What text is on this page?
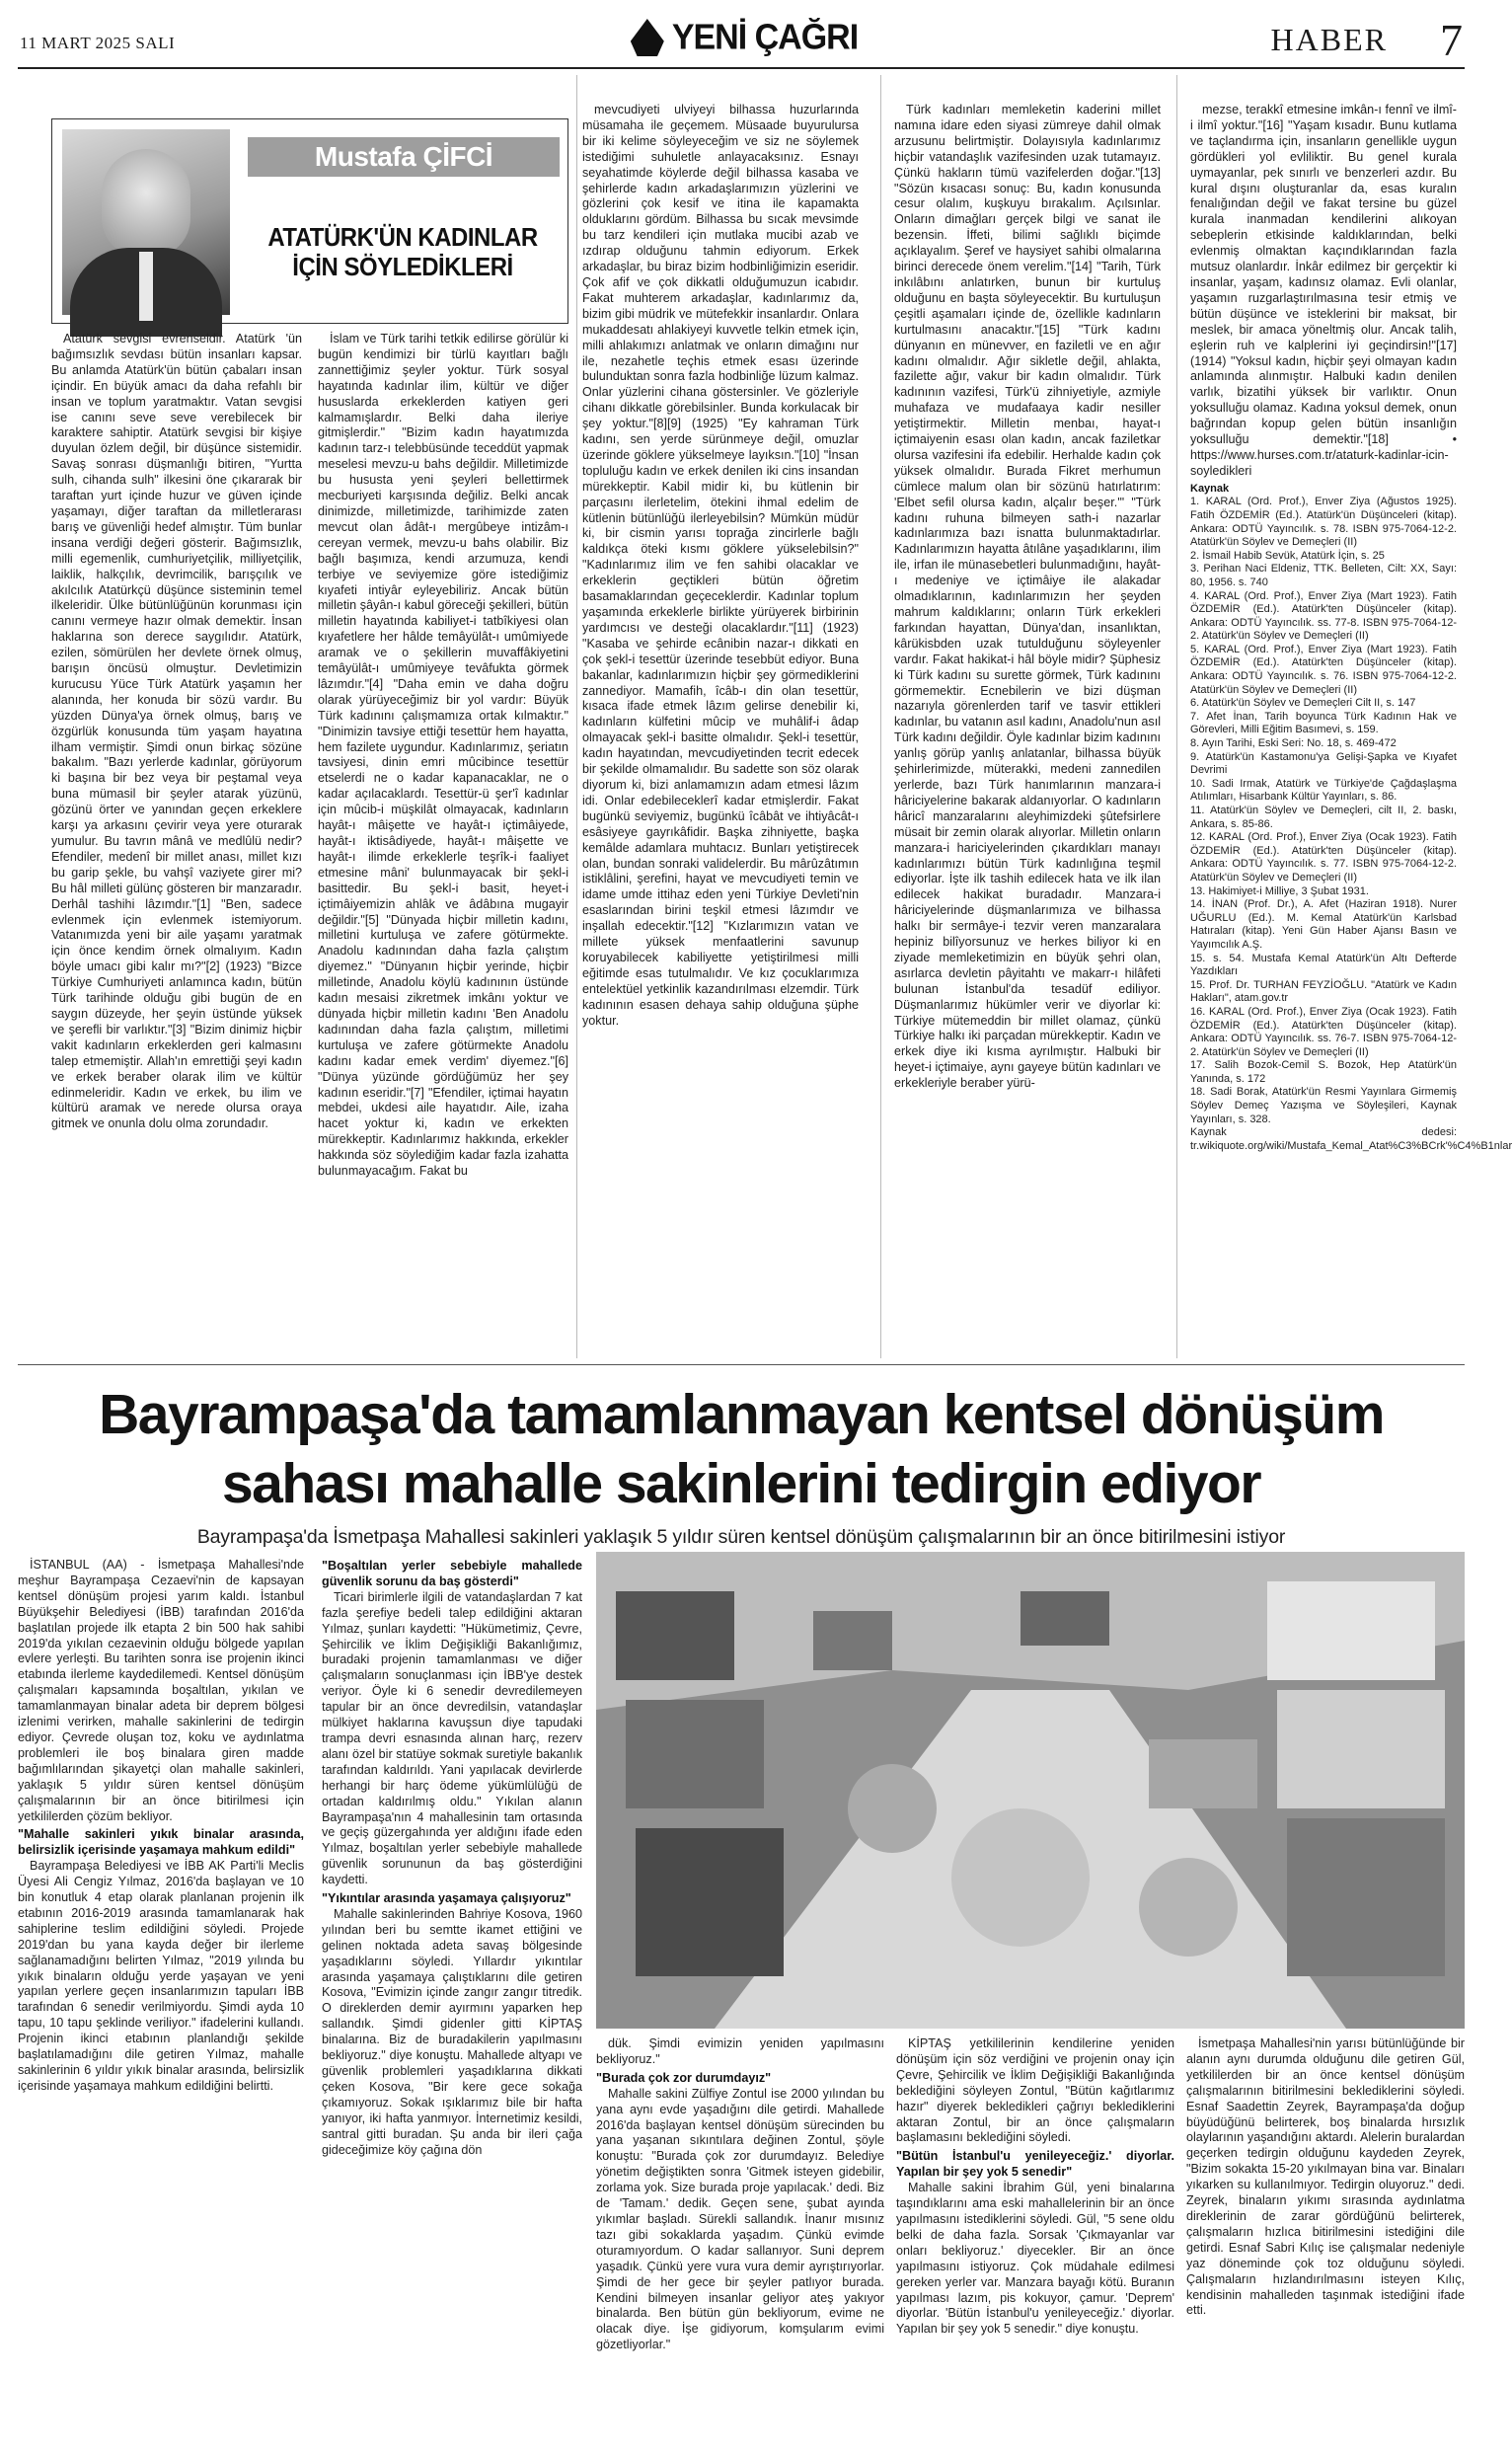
11 MART 2025 SALI	YENİ ÇAĞRI	HABER 7
Mustafa ÇİFCİ
ATATÜRK'ÜN KADINLAR İÇİN SÖYLEDİKLERİ

Atatürk sevgisi evrenseldir. Atatürk 'ün bağımsızlık sevdası bütün insanları kapsar. Bu anlamda Atatürk'ün bütün çabaları insan içindir. En büyük amacı da daha refahlı bir insan ve toplum yaratmaktır. Vatan sevgisi ise canını seve seve verebilecek bir karaktere sahiptir. Atatürk sevgisi bir kişiye duyulan özlem değil, bir düşünce sistemidir. Savaş sonrası düşmanlığı bitiren, "Yurtta sulh, cihanda sulh" ilkesini öne çıkararak bir taraftan yurt içinde huzur ve güven içinde yaşamayı, diğer taraftan da milletlerarası barış ve güvenliği hedef almıştır. Tüm bunlar insana verdiği değeri gösterir. Bağımsızlık, milli egemenlik, cumhuriyetçilik, milliyetçilik, laiklik, halkçılık, devrimcilik, barışçılık ve akılcılık Atatürkçü düşünce sisteminin temel ilkeleridir. Ülke bütünlüğünün korunması için canını vermeye hazır olmak demektir. İnsan haklarına son derece saygılıdır. Atatürk, ezilen, sömürülen her devlete örnek olmuş, barışın öncüsü olmuştur. Devletimizin kurucusu Yüce Türk Atatürk yaşamın her alanında, her konuda bir sözü vardır. Bu yüzden Dünya'ya örnek olmuş, barış ve özgürlük konusunda tüm yaşam hayatına ilham vermiştir. Şimdi onun birkaç sözüne bakalım. "Bazı yerlerde kadınlar, görüyorum ki başına bir bez veya bir peştamal veya buna mümasil bir şeyler atarak yüzünü, gözünü örter ve yanından geçen erkeklere karşı ya arkasını çevirir veya yere oturarak yumulur. Bu tavrın mânâ ve medlûlü nedir? Efendiler, medenî bir millet anası, millet kızı bu garip şekle, bu vahşî vaziyete girer mi? Bu hâl milleti gülünç gösteren bir manzaradır. Derhâl tashihi lâzımdır."[1] "Ben, sadece evlenmek için evlenmek istemiyorum. Vatanımızda yeni bir aile yaşamı yaratmak için önce kendim örnek olmalıyım. Kadın böyle umacı gibi kalır mı?"[2] (1923) "Bizce Türkiye Cumhuriyeti anlamınca kadın, bütün Türk tarihinde olduğu gibi bugün de en saygın düzeyde, her şeyin üstünde yüksek ve şerefli bir varlıktır."[3] "Bizim dinimiz hiçbir vakit kadınların erkeklerden geri kalmasını talep etmemiştir. Allah'ın emrettiği şeyi kadın ve erkek beraber olarak ilim ve kültür edinmeleridir. Kadın ve erkek, bu ilim ve kültürü aramak ve nerede olursa oraya gitmek ve onunla dolu olma zorundadır.

İslam ve Türk tarihi tetkik edilirse görülür ki bugün kendimizi bir türlü kayıtları bağlı zannettiğimiz şeyler yoktur. Türk sosyal hayatında kadınlar ilim, kültür ve diğer hususlarda erkeklerden katiyen geri kalmamışlardır. Belki daha ileriye gitmişlerdir." "Bizim kadın hayatımızda kadının tarz-ı telebbüsünde teceddüt yapmak meselesi mevzu-u bahs değildir. Milletimizde bu hususta yeni şeyleri bellettirmek mecburiyeti karşısında değiliz. Belki ancak dinimizde, milletimizde, tarihimizde zaten mevcut olan âdât-ı mergûbeye intizâm-ı cereyan vermek, mevzu-u bahs olabilir. Biz bağlı başımıza, kendi arzumuza, kendi terbiye ve seviyemize göre istediğimiz kıyafeti intiyâr eyleyebiliriz. Ancak bütün milletin şâyân-ı kabul göreceği şekilleri, bütün milletin hayatında kabiliyet-i tatbîkiyesi olan kıyafetlere her hâlde temâyülât-ı umûmiyede aramak ve o şekillerin muvaffâkiyetini temâyülât-ı umûmiyeye tevâfukta görmek lâzımdır."[4] "Daha emin ve daha doğru olarak yürüyeceğimiz bir yol vardır: Büyük Türk kadınını çalışmamıza ortak kılmaktır." "Dinimizin tavsiye ettiği tesettür hem hayatta, hem fazilete uygundur. Kadınlarımız, şeriatın tavsiyesi, dinin emri mûcibince tesettür etselerdi ne o kadar kapanacaklar, ne o kadar açılacaklardı. Tesettür-ü şer'î kadınlar için mûcib-i müşkilât olmayacak, kadınların hayât-ı mâişette ve hayât-ı içtimâiyede, hayât-ı iktisâdiyede, hayât-ı mâişette ve hayât-ı ilimde erkeklerle teşrîk-i faaliyet etmesine mâni' bulunmayacak bir şekl-i basittedir. Bu şekl-i basit, heyet-i içtimâiyemizin ahlâk ve âdâbına mugayir değildir."[5] "Dünyada hiçbir milletin kadını, milletini kurtuluşa ve zafere götürmekte. Anadolu kadınından daha fazla çalıştım diyemez." "Dünyanın hiçbir yerinde, hiçbir milletinde, Anadolu köylü kadınının üstünde kadın mesaisi zikretmek imkânı yoktur ve dünyada hiçbir milletin kadını 'Ben Anadolu kadınından daha fazla çalıştım, milletimi kurtuluşa ve zafere götürmekte Anadolu kadını kadar emek verdim' diyemez."[6] "Dünya yüzünde gördüğümüz her şey kadının eseridir."[7] "Efendiler, içtimai hayatın mebdei, ukdesi aile hayatıdır. Aile, izaha hacet yoktur ki, kadın ve erkekten mürekkeptir. Kadınlarımız hakkında, erkekler hakkında söz söylediğim kadar fazla izahatta bulunmayacağım. Fakat bu

mevcudiyeti ulviyeyi bilhassa huzurlarında müsamaha ile geçemem. Müsaade buyurulursa bir iki kelime söyleyeceğim ve siz ne söylemek istediğimi suhuletle anlayacaksınız. Esnayı seyahatimde köylerde değil bilhassa kasaba ve şehirlerde kadın arkadaşlarımızın yüzlerini ve gözlerini çok kesif ve itina ile kapamakta olduklarını gördüm. Bilhassa bu sıcak mevsimde bu tarz kendileri için mutlaka mucibi azab ve ızdırap olduğunu tahmin ediyorum. Erkek arkadaşlar, bu biraz bizim hodbinliğimizin eseridir. Çok afif ve çok dikkatli olduğumuzun icabıdır. Fakat muhterem arkadaşlar, kadınlarımız da, bizim gibi müdrik ve mütefekkir insanlardır. Onlara mukaddesatı ahlakiyeyi kuvvetle telkin etmek için, milli ahlakımızı anlatmak ve onların dimağını nur ile, nezahetle teçhis etmek esası üzerinde bulunduktan sonra fazla hodbinliğe lüzum kalmaz. Onlar yüzlerini cihana göstersinler. Ve gözleriyle cihanı dikkatle görebilsinler. Bunda korkulacak bir şey yoktur."[8][9] (1925) "Ey kahraman Türk kadını, sen yerde sürünmeye değil, omuzlar üzerinde göklere yükselmeye layıksın."[10] "İnsan topluluğu kadın ve erkek denilen iki cins insandan mürekkeptir. Kabil midir ki, bu kütlenin bir parçasını ilerletelim, ötekini ihmal edelim de kütlenin bütünlüğü ilerleyebilsin? Mümkün müdür ki, bir cismin yarısı toprağa zincirlerle bağlı kaldıkça öteki kısmı göklere yükselebilsin?" "Kadınlarımız ilim ve fen sahibi olacaklar ve erkeklerin geçtikleri bütün öğretim basamaklarından geçeceklerdir. Kadınlar toplum yaşamında erkeklerle birlikte yürüyerek birbirinin yardımcısı ve desteği olacaklardır."[11] (1923) "Kasaba ve şehirde ecânibin nazar-ı dikkati en çok şekl-i tesettür üzerinde tesebbüt ediyor. Buna bakanlar, kadınlarımızın hiçbir şey görmediklerini zannediyor. Mamafih, îcâb-ı din olan tesettür, kısaca ifade etmek lâzım gelirse denebilir ki, kadınların külfetini mûcip ve muhâlif-i âdap olmayacak şekl-i basitte olmalıdır. Şekl-i tesettür, kadın hayatından, mevcudiyetinden tecrit edecek bir şekilde olmamalıdır. Bu sadette son söz olarak diyorum ki, bizi anlamamızın adam etmesi lâzım idi. Onlar edebileceklerî kadar etmişlerdir. Fakat bugünkü seviyemiz, bugünkü îcâbât ve ihtiyâcât-ı esâsiyeye gayrıkâfidir. Başka zihniyette, başka kemâlde adamlara muhtacız. Bunları yetiştirecek olan, bundan sonraki validelerdir. Bu mârûzâtımın istiklâlini, şerefini, hayat ve mevcudiyeti temin ve idame umde ittihaz eden yeni Türkiye Devleti'nin esaslarından birini teşkil etmesi lâzımdır ve inşallah edecektir."[12] "Kızlarımızın vatan ve millete yüksek menfaatlerini savunup koruyabilecek kabiliyette yetiştirilmesi milli eğitimde esas tutulmalıdır. Ve kız çocuklarımıza entelektüel yetkinlik kazandırılması elzemdir. Türk kadınının esasen dehaya sahip olduğuna şüphe yoktur.

Türk kadınları memleketin kaderini millet namına idare eden siyasi zümreye dahil olmak arzusunu belirtmiştir. Dolayısıyla kadınlarımız hiçbir vatandaşlık vazifesinden uzak tutamayız. Çünkü hakların tümü vazifelerden doğar."[13] "Sözün kısacası sonuç: Bu, kadın konusunda cesur olalım, kuşkuyu bırakalım. Açılsınlar. Onların dimağları gerçek bilgi ve sanat ile bezensin. İffeti, bilimi sağlıklı biçimde açıklayalım. Şeref ve haysiyet sahibi olmalarına birinci derecede önem verelim."[14] "Tarih, Türk inkılâbını anlatırken, bunun bir kurtuluş olduğunu en başta söyleyecektir. Bu kurtuluşun çeşitli aşamaları içinde de, özellikle kadınların kurtulmasını anacaktır."[15] "Türk kadını dünyanın en münevver, en faziletli ve en ağır kadını olmalıdır. Ağır sikletle değil, ahlakta, fazilette ağır, vakur bir kadın olmalıdır. Türk kadınının vazifesi, Türk'ü zihniyetiyle, azmiyle muhafaza ve mudafaaya kadir nesiller yetiştirmektir. Milletin menbaı, hayat-ı içtimaiyenin esası olan kadın, ancak faziletkar olursa vazifesini ifa edebilir. Herhalde kadın çok yüksek olmalıdır. Burada Fikret merhumun cümlece malum olan bir sözünü hatırlatırım: 'Elbet sefil olursa kadın, alçalır beşer.'" "Türk kadını ruhuna bilmeyen sath-i nazarlar kadınlarımıza bazı isnatta bulunmaktadırlar. Kadınlarımızın hayatta âtılâne yaşadıklarını, ilim ile, irfan ile münasebetleri bulunmadığını, hayât-ı medeniye ve içtimâiye ile alakadar olmadıklarının, kadınlarımızın her şeyden mahrum kaldıklarını; onların Türk erkekleri farkından hayattan, Dünya'dan, insanlıktan, kârükisbden uzak tutulduğunu söyleyenler vardır. Fakat hakikat-i hâl böyle midir? Şüphesiz ki Türk kadını su surette görmek, Türk kadınını görmemektir. Ecnebilerin ve bizi düşman nazarıyla görenlerden tarif ve tasvir ettikleri kadınlar, bu vatanın asıl kadını, Anadolu'nun asıl Türk kadını değildir. Öyle kadınlar bizim kadınını yanlış görüp yanlış anlatanlar, bilhassa büyük şehirlerimizde, müterakki, medeni zannedilen yerlerde, bazı Türk hanımlarının manzara-i hâriciyelerine bakarak aldanıyorlar. O kadınların hâricî manzaralarını aleyhimizdeki şûtefsirlere müsait bir zemin olarak alıyorlar. Milletin onların manzara-i hariciyelerinden çıkardıkları manayı kadınlarımızı bütün Türk kadınlığına teşmil ediyorlar. İşte ilk tashih edilecek hata ve ilk ilan edilecek hakikat buradadır. Manzara-i hâriciyelerinde düşmanlarımıza ve bilhassa halkı bir sermâye-i tezvir veren manzaralara hepiniz bilîyorsunuz ve herkes biliyor ki en ziyade memleketimizin en büyük şehri olan, asırlarca devletin pâyitahtı ve makarr-ı hilâfeti bulunan İstanbul'da tesadüf ediliyor. Düşmanlarımız hükümler verir ve diyorlar ki: Türkiye mütemeddin bir millet olamaz, çünkü Türkiye halkı iki parçadan mürekkeptir. Kadın ve erkek diye iki kısma ayrılmıştır. Halbuki bir heyet-i içtimaiye, aynı gayeye bütün kadınları ve erkekleriyle beraber yürü-

mezse, terakkî etmesine imkân-ı fennî ve ilmî-i ilmî yoktur."[16] "Yaşam kısadır. Bunu kutlama ve taçlandırma için, insanların genellikle uygun gördükleri yol evliliktir. Bu genel kurala uymayanlar, pek sınırlı ve benzerleri azdır. Bu kural dışını oluşturanlar da, esas kuralın fenalığından değil ve fakat tersine bu güzel kurala inanmadan kendilerini alıkoyan sebeplerin etkisinde kaldıklarından, belki evlenmiş olmaktan kaçındıklarından fazla mutsuz olanlardır. İnkâr edilmez bir gerçektir ki insanlar, yaşam, kadınsız olamaz. Evli olanlar, yaşamın ruzgarlaştırılmasına tesir etmiş ve bütün düşünce ve isteklerini bir maksat, bir meslek, bir amaca yöneltmiş olur. Ancak talih, eşlerin ruh ve kalplerini iyi geçindirsin!"[17] (1914) "Yoksul kadın, hiçbir şeyi olmayan kadın anlamında alınmıştır. Halbuki kadın denilen varlık, bizatihi yüksek bir varlıktır. Onun yoksulluğu olamaz. Kadına yoksul demek, onun bağrından kopup gelen bütün insanlığın yoksulluğu demektir."[18] • https://www.hurses.com.tr/ataturk-kadinlar-icin-soyledikleri

Kaynak

1. KARAL (Ord. Prof.), Enver Ziya (Ağustos 1925). Fatih ÖZDEMİR (Ed.). Atatürk'ün Düşünceleri (kitap). Ankara: ODTÜ Yayıncılık. s. 78. ISBN 975-7064-12-2. Atatürk'ün Söylev ve Demeçleri (II)

2. İsmail Habib Sevük, Atatürk İçin, s. 25

3. Perihan Naci Eldeniz, TTK. Belleten, Cilt: XX, Sayı: 80, 1956. s. 740

4. KARAL (Ord. Prof.), Enver Ziya (Mart 1923). Fatih ÖZDEMİR (Ed.). Atatürk'ten Düşünceler (kitap). Ankara: ODTÜ Yayıncılık. ss. 77-8. ISBN 975-7064-12-2. Atatürk'ün Söylev ve Demeçleri (II)

5. KARAL (Ord. Prof.), Enver Ziya (Mart 1923). Fatih ÖZDEMİR (Ed.). Atatürk'ten Düşünceler (kitap). Ankara: ODTÜ Yayıncılık. s. 76. ISBN 975-7064-12-2. Atatürk'ün Söylev ve Demeçleri (II)

6. Atatürk'ün Söylev ve Demeçleri Cilt II, s. 147

7. Afet İnan, Tarih boyunca Türk Kadının Hak ve Görevleri, Milli Eğitim Basımevi, s. 159.

8. Ayın Tarihi, Eski Seri: No. 18, s. 469-472

9. Atatürk'ün Kastamonu'ya Gelişi-Şapka ve Kıyafet Devrimi

10. Sadi Irmak, Atatürk ve Türkiye'de Çağdaşlaşma Atılımları, Hisarbank Kültür Yayınları, s. 86.

11. Atatürk'ün Söylev ve Demeçleri, cilt II, 2. baskı, Ankara, s. 85-86.

12. KARAL (Ord. Prof.), Enver Ziya (Ocak 1923). Fatih ÖZDEMİR (Ed.). Atatürk'ten Düşünceler (kitap). Ankara: ODTÜ Yayıncılık. s. 77. ISBN 975-7064-12-2. Atatürk'ün Söylev ve Demeçleri (II)

13. Hakimiyet-i Milliye, 3 Şubat 1931.

14. İNAN (Prof. Dr.), A. Afet (Haziran 1918). Nurer UĞURLU (Ed.). M. Kemal Atatürk'ün Karlsbad Hatıraları (kitap). Yeni Gün Haber Ajansı Basın ve Yayımcılık A.Ş.

15. s. 54. Mustafa Kemal Atatürk'ün Altı Defterde Yazdıkları

15. Prof. Dr. TURHAN FEYZİOĞLU. "Atatürk ve Kadın Hakları", atam.gov.tr

16. KARAL (Ord. Prof.), Enver Ziya (Ocak 1923). Fatih ÖZDEMİR (Ed.). Atatürk'ten Düşünceler (kitap). Ankara: ODTÜ Yayıncılık. ss. 76-7. ISBN 975-7064-12-2. Atatürk'ün Söylev ve Demeçleri (II)

17. Salih Bozok-Cemil S. Bozok, Hep Atatürk'ün Yanında, s. 172

18. Sadi Borak, Atatürk'ün Resmi Yayınlara Girmemiş Söylev Demeç Yazışma ve Söyleşileri, Kaynak Yayınları, s. 328.

Kaynak dedesi: tr.wikiquote.org/wiki/Mustafa_Kemal_Atat%C3%BCrk'%C4%B1nlar

Bayrampaşa'da tamamlanmayan kentsel dönüşüm
sahası mahalle sakinlerini tedirgin ediyor
Bayrampaşa'da İsmetpaşa Mahallesi sakinleri yaklaşık 5 yıldır süren kentsel dönüşüm çalışmalarının bir an önce bitirilmesini istiyor

İSTANBUL (AA) - İsmetpaşa Mahallesi'nde meşhur Bayrampaşa Cezaevi'nin de kapsayan kentsel dönüşüm projesi yarım kaldı. İstanbul Büyükşehir Belediyesi (İBB) tarafından 2016'da başlatılan projede ilk etapta 2 bin 500 hak sahibi 2019'da yıkılan cezaevinin olduğu bölgede yapılan evlere yerleşti. Bu tarihten sonra ise projenin ikinci etabında ilerleme kaydedilemedi. Kentsel dönüşüm çalışmaları kapsamında boşaltılan, yıkılan ve tamamlanmayan binalar adeta bir deprem bölgesi izlenimi verirken, mahalle sakinlerini de tedirgin ediyor. Çevrede oluşan toz, koku ve aydınlatma problemleri ile boş binalara giren madde bağımlılarından şikayetçi olan mahalle sakinleri, yaklaşık 5 yıldır süren kentsel dönüşüm çalışmalarının bir an önce bitirilmesi için yetkililerden çözüm bekliyor.

"Mahalle sakinleri yıkık binalar arasında, belirsizlik içerisinde yaşamaya mahkum edildi"

Bayrampaşa Belediyesi ve İBB AK Parti'li Meclis Üyesi Ali Cengiz Yılmaz, 2016'da başlayan ve 10 bin konutluk 4 etap olarak planlanan projenin ilk etabının 2016-2019 arasında tamamlanarak hak sahiplerine teslim edildiğini söyledi. Projede 2019'dan bu yana kayda değer bir ilerleme sağlanamadığını belirten Yılmaz, "2019 yılında bu yıkık binaların olduğu yerde yaşayan ve yeni yapılan yerlere geçen insanlarımızın tapuları İBB tarafından 6 senedir verilmiyordu. Şimdi ayda 10 tapu, 10 tapu şeklinde veriliyor." ifadelerini kullandı. Projenin ikinci etabının planlandığı şekilde başlatılamadığını dile getiren Yılmaz, mahalle sakinlerinin 6 yıldır yıkık binalar arasında, belirsizlik içerisinde yaşamaya mahkum edildiğini belirtti.

"Boşaltılan yerler sebebiyle mahallede güvenlik sorunu da baş gösterdi"

Ticari birimlerle ilgili de vatandaşlardan 7 kat fazla şerefiye bedeli talep edildiğini aktaran Yılmaz, şunları kaydetti: "Hükümetimiz, Çevre, Şehircilik ve İklim Değişikliği Bakanlığımız, buradaki projenin tamamlanması ve diğer çalışmaların sonuçlanması için İBB'ye destek veriyor. Öyle ki 6 senedir devredilemeyen tapular bir an önce devredilsin, vatandaşlar mülkiyet haklarına kavuşsun diye tapudaki trampa devri esnasında alınan harç, rezerv alanı özel bir statüye sokmak suretiyle bakanlık tarafından kaldırıldı. Yani yapılacak devirlerde herhangi bir harç ödeme yükümlülüğü de ortadan kaldırılmış oldu." Yıkılan alanın Bayrampaşa'nın 4 mahallesinin tam ortasında ve geçiş güzergahında yer aldığını ifade eden Yılmaz, boşaltılan yerler sebebiyle mahallede güvenlik sorununun da baş gösterdiğini kaydetti.

"Yıkıntılar arasında yaşamaya çalışıyoruz"

Mahalle sakinlerinden Bahriye Kosova, 1960 yılından beri bu semtte ikamet ettiğini ve gelinen noktada adeta savaş bölgesinde yaşadıklarını söyledi. Yıllardır yıkıntılar arasında yaşamaya çalıştıklarını dile getiren Kosova, "Evimizin içinde zangır zangır titredik. O direklerden demir ayırmını yaparken hep sallandık. Şimdi gidenler gitti KİPTAŞ binalarına. Biz de buradakilerin yapılmasını bekliyoruz." diye konuştu. Mahallede altyapı ve güvenlik problemleri yaşadıklarına dikkati çeken Kosova, "Bir kere gece sokağa çıkamıyoruz. Sokak ışıklarımız bile bir hafta yanıyor, iki hafta yanmıyor. İnternetimiz kesildi, santral gitti buradan. Şu anda bir ileri çağa gideceğimize köy çağına dön

dük. Şimdi evimizin yeniden yapılmasını bekliyoruz."

"Burada çok zor durumdayız"

Mahalle sakini Zülfiye Zontul ise 2000 yılından bu yana aynı evde yaşadığını dile getirdi. Mahallede 2016'da başlayan kentsel dönüşüm sürecinden bu yana yaşanan sıkıntılara değinen Zontul, şöyle konuştu: "Burada çok zor durumdayız. Belediye yönetim değiştikten sonra 'Gitmek isteyen gidebilir, zorlama yok. Size burada proje yapılacak.' dedi. Biz de 'Tamam.' dedik. Geçen sene, şubat ayında yıkımlar başladı. Sürekli sallandık. İnanır mısınız tazı gibi sokaklarda yaşadım. Çünkü evimde oturamıyordum. O kadar sallanıyor. Suni deprem yaşadık. Çünkü yere vura vura demir ayrıştırıyorlar. Şimdi de her gece bir şeyler patlıyor burada. Kendini bilmeyen insanlar geliyor ateş yakıyor binalarda. Ben bütün gün bekliyorum, evime ne olacak diye. İşe gidiyorum, komşularım evimi gözetliyorlar."

KİPTAŞ yetkililerinin kendilerine yeniden dönüşüm için söz verdiğini ve projenin onay için Çevre, Şehircilik ve İklim Değişikliği Bakanlığında beklediğini söyleyen Zontul, "Bütün kağıtlarımız hazır" diyerek bekledikleri çağrıyı beklediklerini aktaran Zontul, bir an önce çalışmaların başlamasını beklediğini söyledi.

"Bütün İstanbul'u yenileyeceğiz.' diyorlar. Yapılan bir şey yok 5 senedir"

Mahalle sakini İbrahim Gül, yeni binalarına taşındıklarını ama eski mahallelerinin bir an önce yapılmasını istediklerini söyledi. Gül, "5 sene oldu belki de daha fazla. Sorsak 'Çıkmayanlar var onları bekliyoruz.' diyecekler. Bir an önce yapılmasını istiyoruz. Çok müdahale edilmesi gereken yerler var. Manzara bayağı kötü. Buranın yapılması lazım, pis kokuyor, çamur. 'Deprem' diyorlar. 'Bütün İstanbul'u yenileyeceğiz.' diyorlar. Yapılan bir şey yok 5 senedir." diye konuştu.

İsmetpaşa Mahallesi'nin yarısı bütünlüğünde bir alanın aynı durumda olduğunu dile getiren Gül, yetkililerden bir an önce kentsel dönüşüm çalışmalarının bitirilmesini beklediklerini söyledi. Esnaf Saadettin Zeyrek, Bayrampaşa'da doğup büyüdüğünü belirterek, boş binalarda hırsızlık olaylarının yaşandığını aktardı. Alelerin buralardan geçerken tedirgin olduğunu kaydeden Zeyrek, "Bizim sokakta 15-20 yıkılmayan bina var. Binaları yıkarken su kullanılmıyor. Tedirgin oluyoruz." dedi. Zeyrek, binaların yıkımı sırasında aydınlatma direklerinin de zarar gördüğünü belirterek, çalışmaların hızlıca bitirilmesini istediğini dile getirdi. Esnaf Sabri Kılıç ise çalışmalar nedeniyle yaz döneminde çok toz olduğunu söyledi. Çalışmaların hızlandırılmasını isteyen Kılıç, kendisinin mahalleden taşınmak istediğini ifade etti.
